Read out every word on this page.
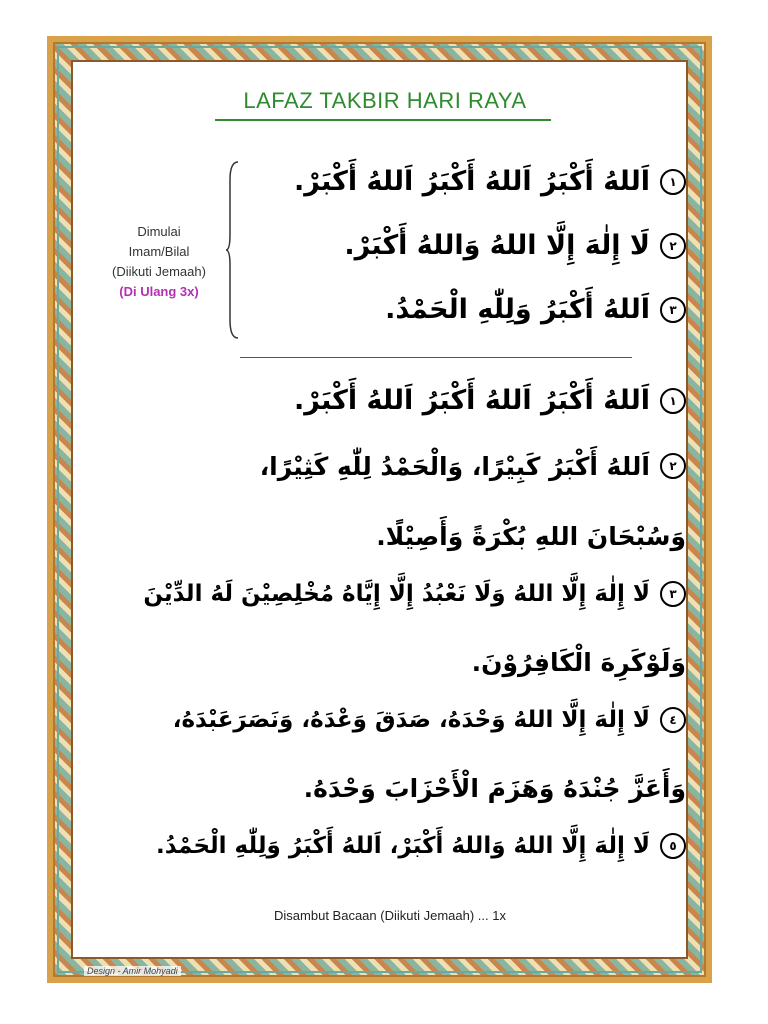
LAFAZ TAKBIR HARI RAYA
Dimulai
Imam/Bilal
(Diikuti Jemaah)
(Di Ulang 3x)
١اَللهُ أَكْبَرُ اَللهُ أَكْبَرُ اَللهُ أَكْبَرْ.
٢لَا إِلٰهَ إِلَّا اللهُ وَاللهُ أَكْبَرْ.
٣اَللهُ أَكْبَرُ وَلِلّٰهِ الْحَمْدُ.
١اَللهُ أَكْبَرُ اَللهُ أَكْبَرُ اَللهُ أَكْبَرْ.
٢اَللهُ أَكْبَرُ كَبِيْرًا، وَالْحَمْدُ لِلّٰهِ كَثِيْرًا،
وَسُبْحَانَ اللهِ بُكْرَةً وَأَصِيْلًا.
٣لَا إِلٰهَ إِلَّا اللهُ وَلَا نَعْبُدُ إِلَّا إِيَّاهُ مُخْلِصِيْنَ لَهُ الدِّيْنَ
وَلَوْكَرِهَ الْكَافِرُوْنَ.
٤لَا إِلٰهَ إِلَّا اللهُ وَحْدَهُ، صَدَقَ وَعْدَهُ، وَنَصَرَعَبْدَهُ،
وَأَعَزَّ جُنْدَهُ وَهَزَمَ الْأَحْزَابَ وَحْدَهُ.
٥لَا إِلٰهَ إِلَّا اللهُ وَاللهُ أَكْبَرْ، اَللهُ أَكْبَرُ وَلِلّٰهِ الْحَمْدُ.
Disambut Bacaan (Diikuti Jemaah) ... 1x
Design - Amir Mohyadi
